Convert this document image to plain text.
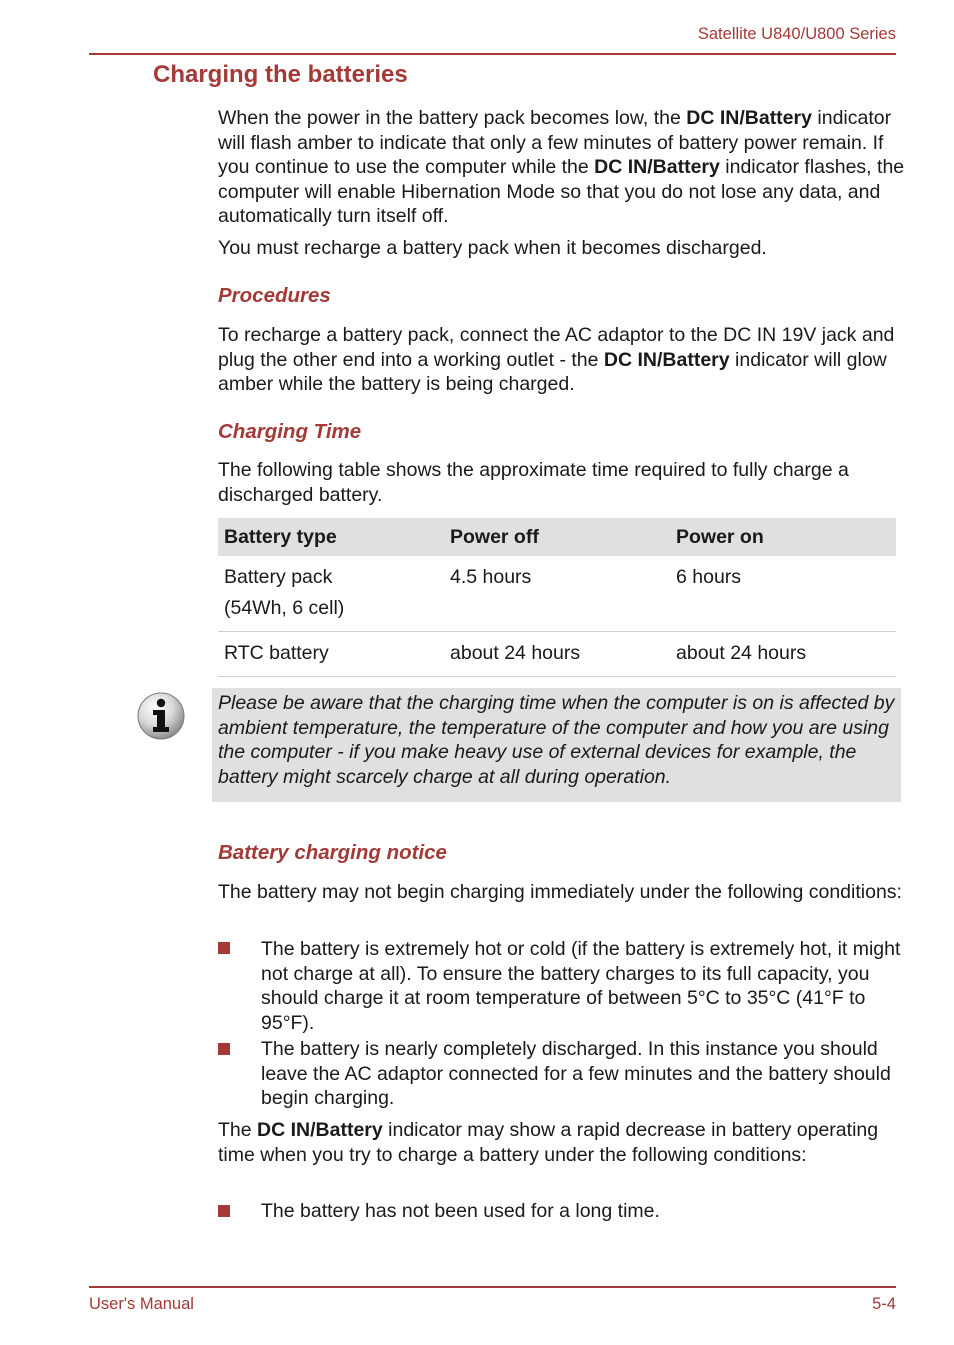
Satellite U840/U800 Series
Charging the batteries
When the power in the battery pack becomes low, the DC IN/Battery indicator will flash amber to indicate that only a few minutes of battery power remain. If you continue to use the computer while the DC IN/Battery indicator flashes, the computer will enable Hibernation Mode so that you do not lose any data, and automatically turn itself off.
You must recharge a battery pack when it becomes discharged.
Procedures
To recharge a battery pack, connect the AC adaptor to the DC IN 19V jack and plug the other end into a working outlet - the DC IN/Battery indicator will glow amber while the battery is being charged.
Charging Time
The following table shows the approximate time required to fully charge a discharged battery.
Battery type	Power off	Power on

Battery pack
(54Wh, 6 cell)	4.5 hours	6 hours
RTC battery	about 24 hours	about 24 hours
Please be aware that the charging time when the computer is on is affected by ambient temperature, the temperature of the computer and how you are using the computer - if you make heavy use of external devices for example, the battery might scarcely charge at all during operation.
Battery charging notice
The battery may not begin charging immediately under the following conditions:
The battery is extremely hot or cold (if the battery is extremely hot, it might not charge at all). To ensure the battery charges to its full capacity, you should charge it at room temperature of between 5°C to 35°C (41°F to 95°F).
The battery is nearly completely discharged. In this instance you should leave the AC adaptor connected for a few minutes and the battery should begin charging.
The DC IN/Battery indicator may show a rapid decrease in battery operating time when you try to charge a battery under the following conditions:
The battery has not been used for a long time.
User's Manual	5-4
